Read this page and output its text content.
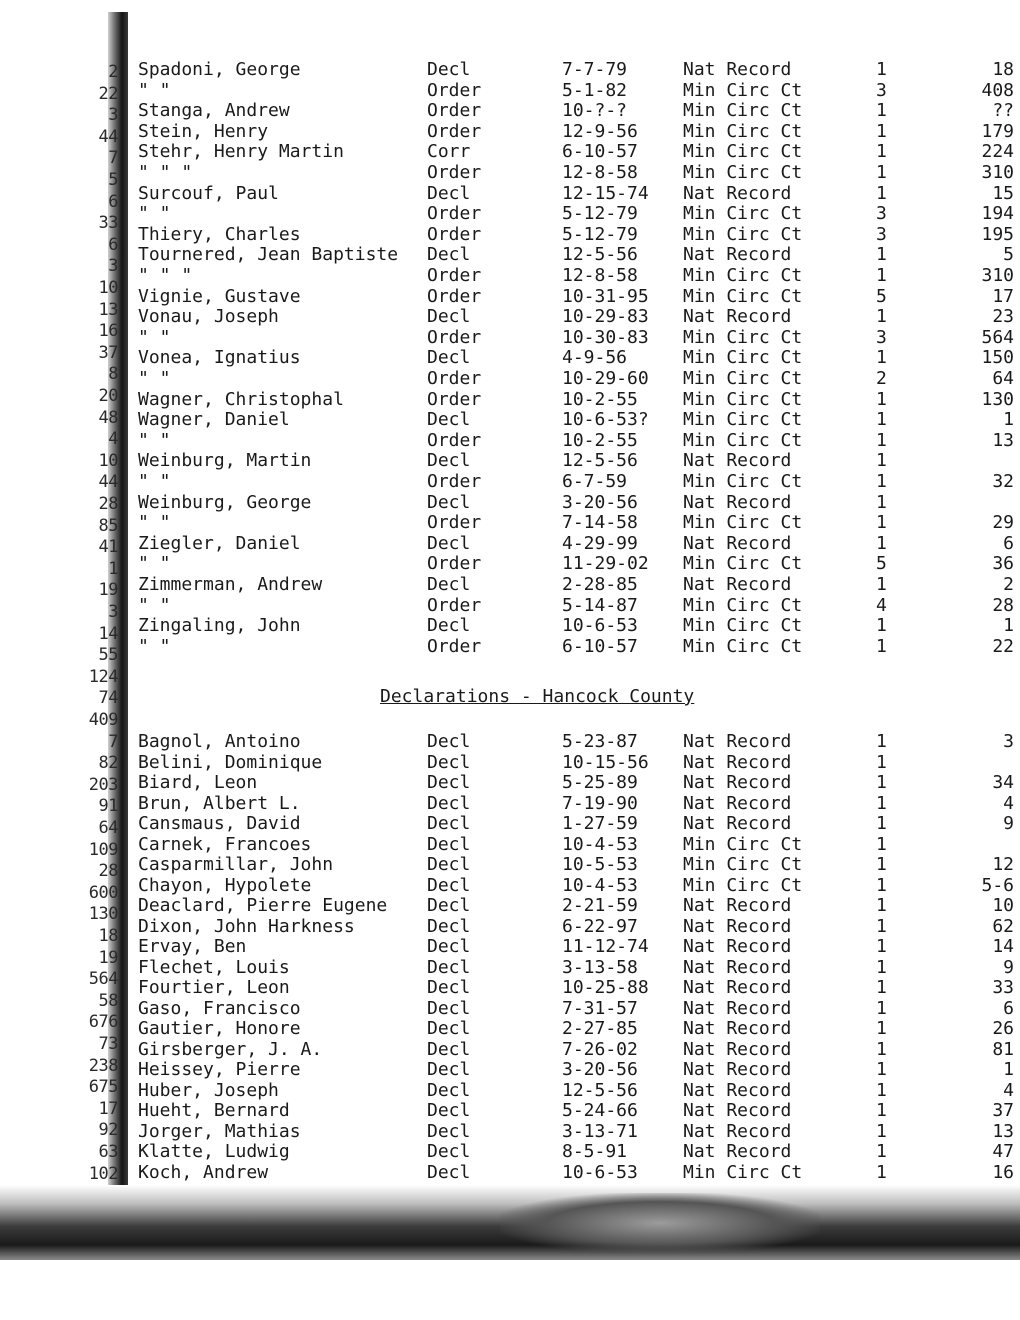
2
22
3
44
7
5
6
33
6
3
10
13
16
37
8
20
48
4
10
44
28
85
41
1
19
3
14
55
124
74
409
7
82
203
91
64
109
28
600
130
18
19
564
58
676
73
238
675
17
92
63
102
Spadoni, George	Decl	7-7-79	Nat Record	1	18
" "	Order	5-1-82	Min Circ Ct	3	408
Stanga, Andrew	Order	10-?-?	Min Circ Ct	1	??
Stein, Henry	Order	12-9-56	Min Circ Ct	1	179
Stehr, Henry Martin	Corr	6-10-57	Min Circ Ct	1	224
" " "	Order	12-8-58	Min Circ Ct	1	310
Surcouf, Paul	Decl	12-15-74 Nat Record	1	15
" "	Order	5-12-79	Min Circ Ct	3	194
Thiery, Charles	Order	5-12-79	Min Circ Ct	3	195
Tournered, Jean Baptiste Decl	12-5-56	Nat Record	1	5
" " "	Order	12-8-58	Min Circ Ct	1	310
Vignie, Gustave	Order	10-31-95 Min Circ Ct	5	17
Vonau, Joseph	Decl	10-29-83 Nat Record	1	23
" "	Order	10-30-83 Min Circ Ct	3	564
Vonea, Ignatius	Decl	4-9-56	Min Circ Ct	1	150
" "	Order	10-29-60 Min Circ Ct	2	64
Wagner, Christophal	Order	10-2-55	Min Circ Ct	1	130
Wagner, Daniel	Decl	10-6-53? Min Circ Ct	1	1
" "	Order	10-2-55	Min Circ Ct	1	13
Weinburg, Martin	Decl	12-5-56	Nat Record	1
" "	Order	6-7-59	Min Circ Ct	1	32
Weinburg, George	Decl	3-20-56	Nat Record	1
" "	Order	7-14-58	Min Circ Ct	1	29
Ziegler, Daniel	Decl	4-29-99	Nat Record	1	6
" "	Order	11-29-02 Min Circ Ct	5	36
Zimmerman, Andrew	Decl	2-28-85	Nat Record	1	2
" "	Order	5-14-87	Min Circ Ct	4	28
Zingaling, John	Decl	10-6-53	Min Circ Ct	1	1
" "	Order	6-10-57	Min Circ Ct	1	22
Declarations - Hancock County
Bagnol, Antoino	Decl	5-23-87	Nat Record	1	3
Belini, Dominique	Decl	10-15-56 Nat Record	1
Biard, Leon	Decl	5-25-89	Nat Record	1	34
Brun, Albert L.	Decl	7-19-90	Nat Record	1	4
Cansmaus, David	Decl	1-27-59	Nat Record	1	9
Carnek, Francoes	Decl	10-4-53	Min Circ Ct	1
Casparmillar, John	Decl	10-5-53	Min Circ Ct	1	12
Chayon, Hypolete	Decl	10-4-53	Min Circ Ct	1	5-6
Deaclard, Pierre Eugene Decl	2-21-59	Nat Record	1	10
Dixon, John Harkness	Decl	6-22-97	Nat Record	1	62
Ervay, Ben	Decl	11-12-74 Nat Record	1	14
Flechet, Louis	Decl	3-13-58	Nat Record	1	9
Fourtier, Leon	Decl	10-25-88 Nat Record	1	33
Gaso, Francisco	Decl	7-31-57	Nat Record	1	6
Gautier, Honore	Decl	2-27-85	Nat Record	1	26
Girsberger, J. A.	Decl	7-26-02	Nat Record	1	81
Heissey, Pierre	Decl	3-20-56	Nat Record	1	1
Huber, Joseph	Decl	12-5-56	Nat Record	1	4
Hueht, Bernard	Decl	5-24-66	Nat Record	1	37
Jorger, Mathias	Decl	3-13-71	Nat Record	1	13
Klatte, Ludwig	Decl	8-5-91	Nat Record	1	47
Koch, Andrew	Decl	10-6-53	Min Circ Ct	1	16
